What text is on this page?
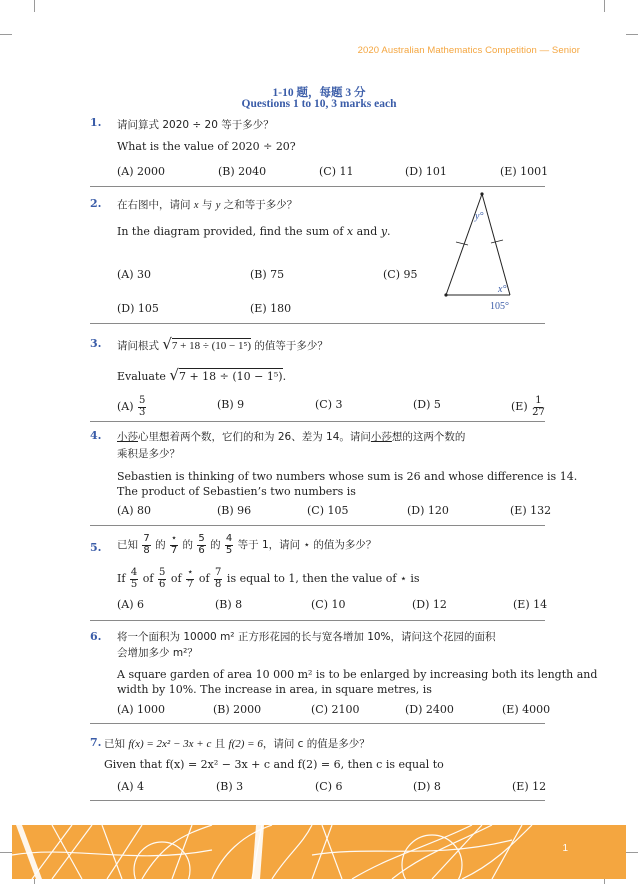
2020 Australian Mathematics Competition — Senior
1-10 题，每题 3 分
Questions 1 to 10, 3 marks each
1. 请问算式 2020 ÷ 20 等于多少？
What is the value of 2020 ÷ 20?
(A) 2000	(B) 2040	(C) 11	(D) 101	(E) 1001
2. 在右图中，请问 x 与 y 之和等于多少？
In the diagram provided, find the sum of x and y.
(A) 30	(B) 75	(C) 95
(D) 105	(E) 180
y°
x°
105°
3. 请问根式 √7 + 18 ÷ (10 − 1⁵) 的值等于多少？
Evaluate √7 + 18 ÷ (10 − 1⁵).
$(A) \frac{5}{3}$	(B) 9	(C) 3	(D) 5	$(E) \frac{1}{27}$
4. 小莎心里想着两个数，它们的和为 26、差为 14。请问小莎想的这两个数的
乘积是多少？
Sebastien is thinking of two numbers whose sum is 26 and whose difference is 14.
The product of Sebastien’s two numbers is
(A) 80	(B) 96	(C) 105	(D) 120	(E) 132
5. 已知 $\frac{7}{8}$ 的 $\frac{⋆}{7}$ 的 $\frac{5}{6}$ 的 $\frac{4}{5}$ 等于 1，请问 ⋆ 的值为多少？
If $\frac{4}{5}$ of $\frac{5}{6}$ of $\frac{⋆}{7}$ of $\frac{7}{8}$ is equal to 1, then the value of ⋆ is
(A) 6	(B) 8	(C) 10	(D) 12	(E) 14
6. 将一个面积为 10000 m² 正方形花园的长与宽各增加 10%，请问这个花园的面积
会增加多少 m²？
A square garden of area 10 000 m² is to be enlarged by increasing both its length and
width by 10%. The increase in area, in square metres, is
(A) 1000	(B) 2000	(C) 2100	(D) 2400	(E) 4000
7. 已知 f(x) = 2x² − 3x + c 且 f(2) = 6，请问 c 的值是多少？
Given that f(x) = 2x² − 3x + c and f(2) = 6, then c is equal to
(A) 4	(B) 3	(C) 6	(D) 8	(E) 12
1
